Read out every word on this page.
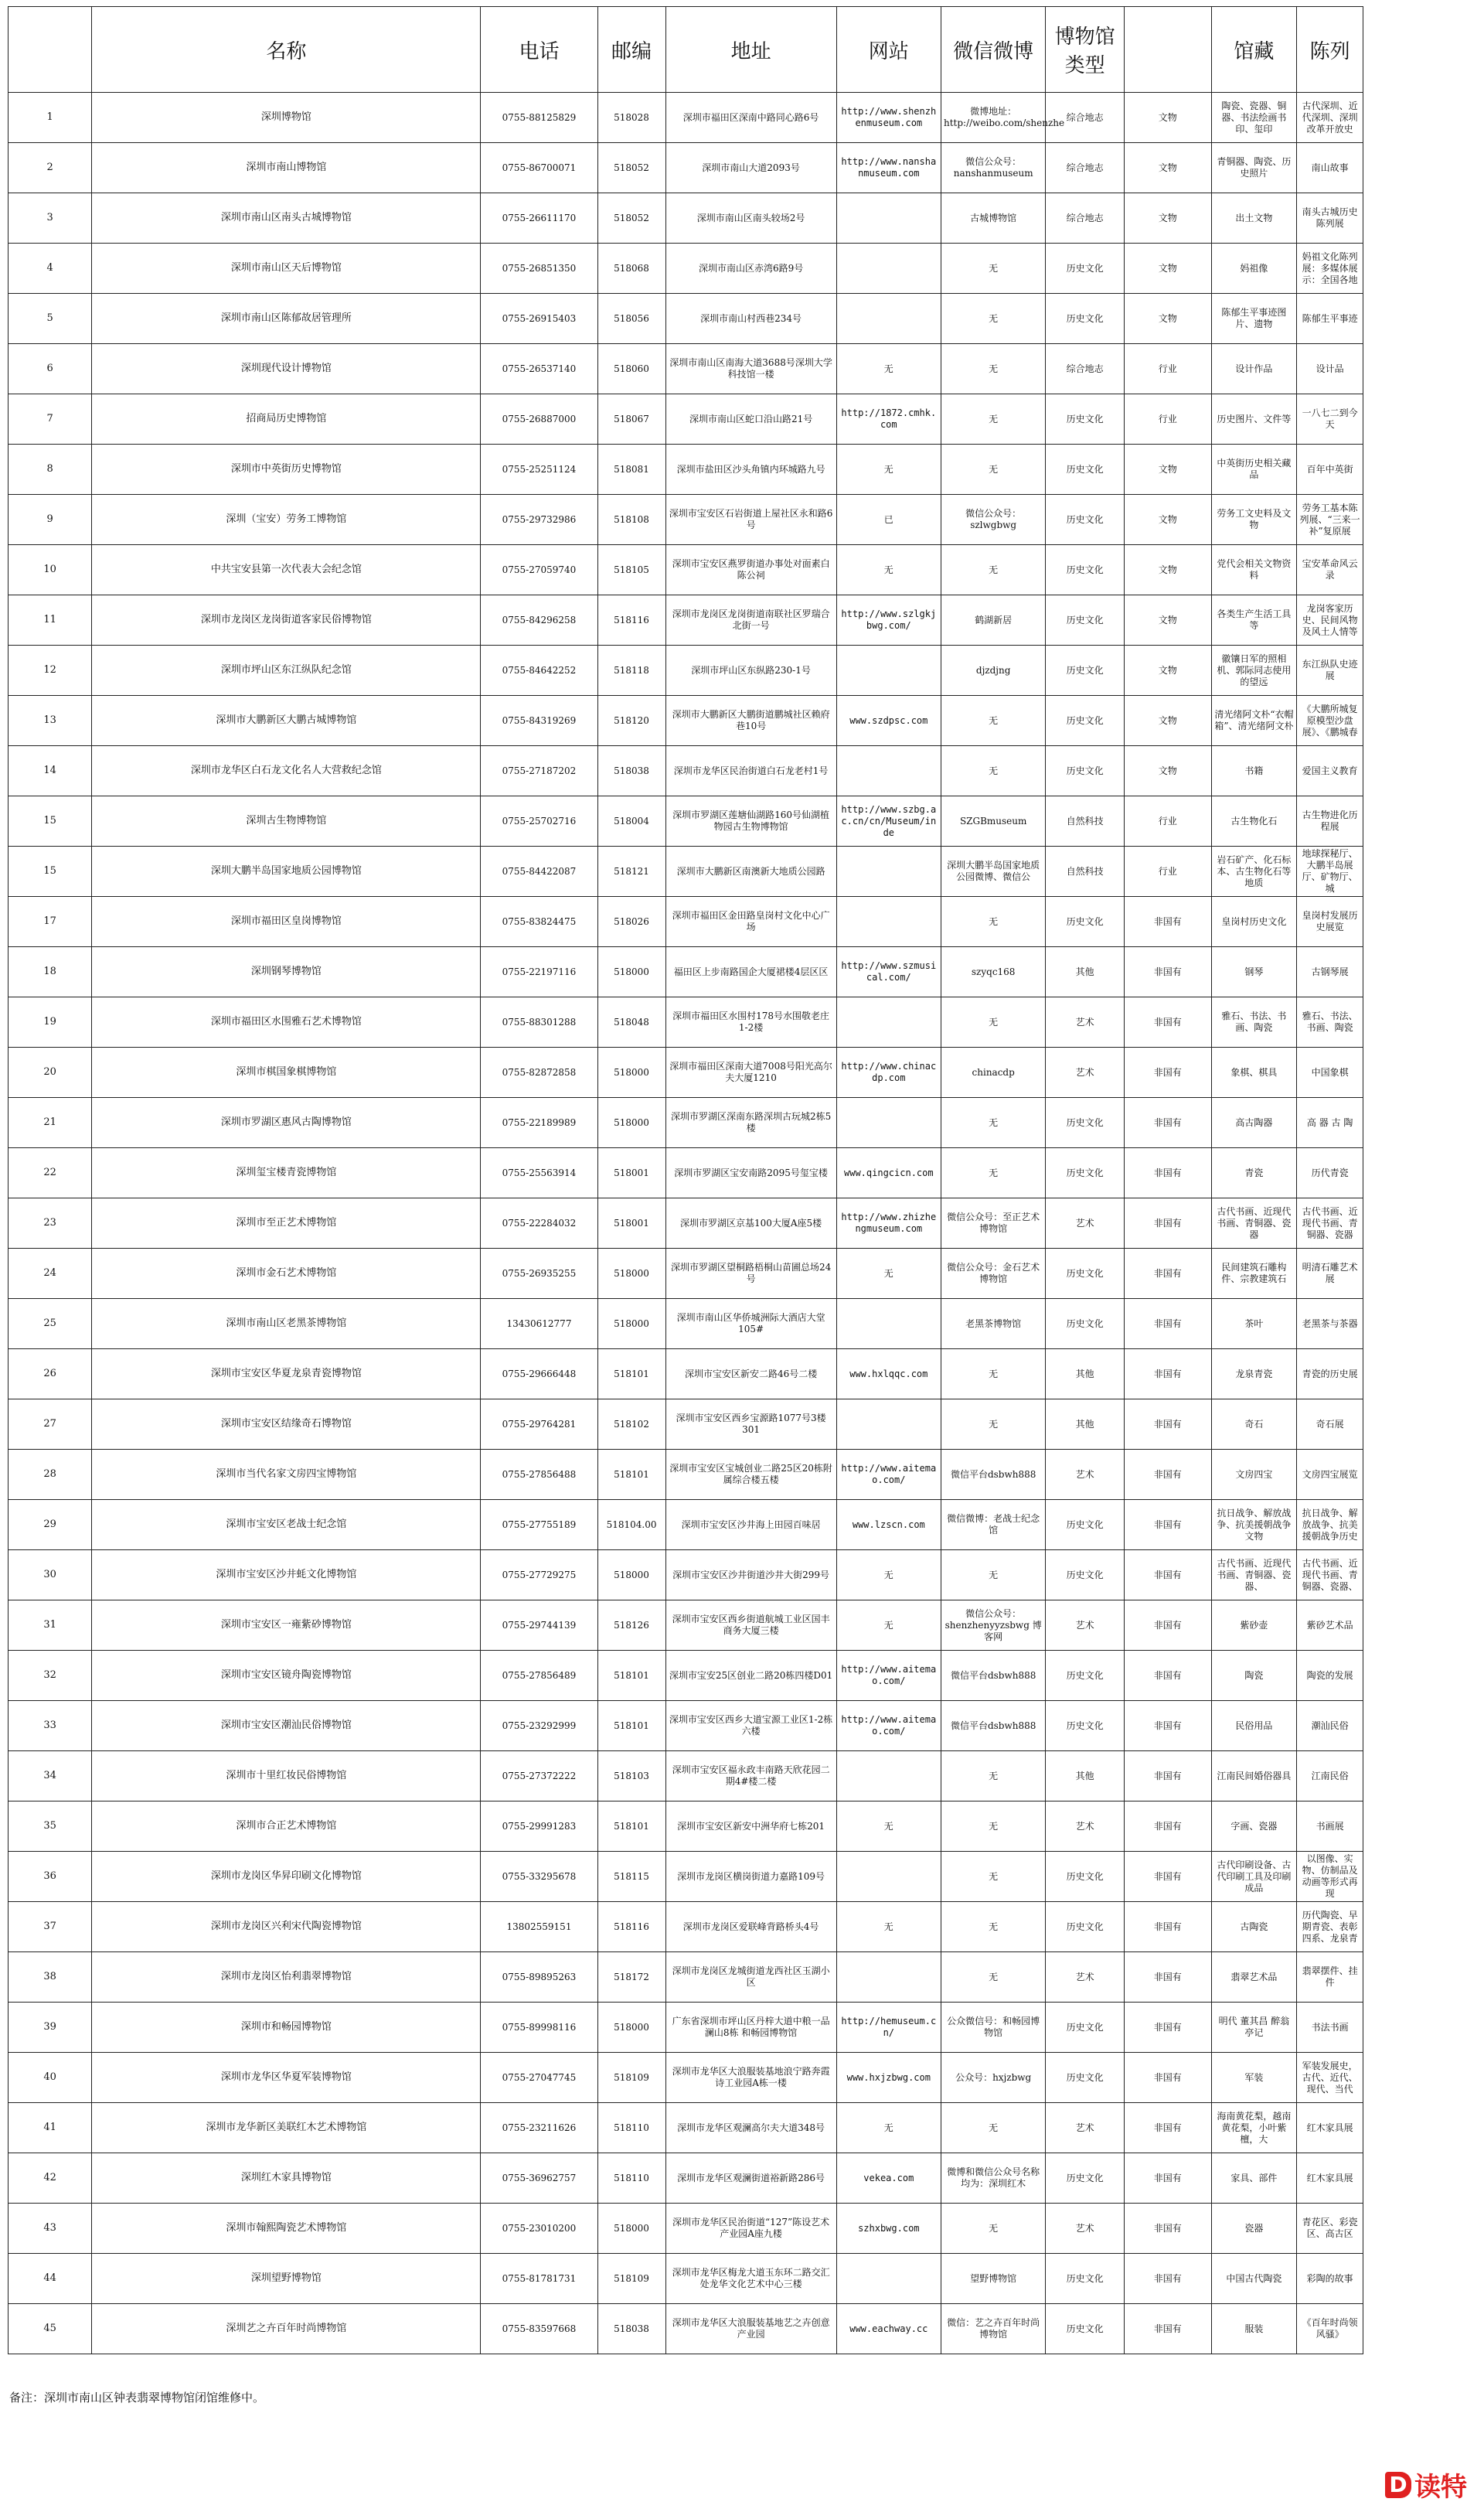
	名称	电话	邮编	地址	网站	微信微博	博物馆类型		馆藏	陈列

1	深圳博物馆	0755-88125829	518028	深圳市福田区深南中路同心路6号	http://www.shenzhenmuseum.com	微博地址：http://weibo.com/shenzhe	综合地志	文物	陶瓷、瓷器、铜器、书法绘画书印、玺印	古代深圳、近代深圳、深圳改革开放史

2	深圳市南山博物馆	0755-86700071	518052	深圳市南山大道2093号	http://www.nanshanmuseum.com	微信公众号：nanshanmuseum	综合地志	文物	青铜器、陶瓷、历史照片	南山故事

3	深圳市南山区南头古城博物馆	0755-26611170	518052	深圳市南山区南头较场2号		古城博物馆	综合地志	文物	出土文物	南头古城历史陈列展

4	深圳市南山区天后博物馆	0755-26851350	518068	深圳市南山区赤湾6路9号		无	历史文化	文物	妈祖像	妈祖文化陈列展：多媒体展示：全国各地

5	深圳市南山区陈郁故居管理所	0755-26915403	518056	深圳市南山村西巷234号		无	历史文化	文物	陈郁生平事迹图片、遗物	陈郁生平事迹

6	深圳现代设计博物馆	0755-26537140	518060	深圳市南山区南海大道3688号深圳大学科技馆一楼	无	无	综合地志	行业	设计作品	设计品

7	招商局历史博物馆	0755-26887000	518067	深圳市南山区蛇口沿山路21号	http://1872.cmhk.com	无	历史文化	行业	历史图片、文件等	一八七二到今天

8	深圳市中英街历史博物馆	0755-25251124	518081	深圳市盐田区沙头角镇内环城路九号	无	无	历史文化	文物	中英街历史相关藏品	百年中英街

9	深圳（宝安）劳务工博物馆	0755-29732986	518108	深圳市宝安区石岩街道上屋社区永和路6号	已	微信公众号：szlwgbwg	历史文化	文物	劳务工文史料及文物	劳务工基本陈列展、“三来一补”复原展

10	中共宝安县第一次代表大会纪念馆	0755-27059740	518105	深圳市宝安区燕罗街道办事处对面素白陈公祠	无	无	历史文化	文物	党代会相关文物资料	宝安革命风云录

11	深圳市龙岗区龙岗街道客家民俗博物馆	0755-84296258	518116	深圳市龙岗区龙岗街道南联社区罗瑞合北街一号	http://www.szlgkjbwg.com/	鹤湖新居	历史文化	文物	各类生产生活工具等	龙岗客家历史、民间风物及风土人情等

12	深圳市坪山区东江纵队纪念馆	0755-84642252	518118	深圳市坪山区东纵路230-1号		djzdjng	历史文化	文物	徽镶日军的照相机、郭际同志使用的望远	东江纵队史迹展

13	深圳市大鹏新区大鹏古城博物馆	0755-84319269	518120	深圳市大鹏新区大鹏街道鹏城社区赖府巷10号	www.szdpsc.com	无	历史文化	文物	清光绪阿文朴“衣帽箱”、清光绪阿文朴	《大鹏所城复原模型沙盘展》、《鹏城春

14	深圳市龙华区白石龙文化名人大营救纪念馆	0755-27187202	518038	深圳市龙华区民治街道白石龙老村1号		无	历史文化	文物	书籍	爱国主义教育

15	深圳古生物博物馆	0755-25702716	518004	深圳市罗湖区莲塘仙湖路160号仙湖植物园古生物博物馆	http://www.szbg.ac.cn/cn/Museum/inde	SZGBmuseum	自然科技	行业	古生物化石	古生物进化历程展

15	深圳大鹏半岛国家地质公园博物馆	0755-84422087	518121	深圳市大鹏新区南澳新大地质公园路		深圳大鹏半岛国家地质公园微博、微信公	自然科技	行业	岩石矿产、化石标本、古生物化石等地质	地球探秘厅、大鹏半岛展厅、矿物厅、城

17	深圳市福田区皇岗博物馆	0755-83824475	518026	深圳市福田区金田路皇岗村文化中心广场		无	历史文化	非国有	皇岗村历史文化	皇岗村发展历史展览

18	深圳钢琴博物馆	0755-22197116	518000	福田区上步南路国企大厦裙楼4层区区	http://www.szmusical.com/	szyqc168	其他	非国有	钢琴	古钢琴展

19	深圳市福田区水围雅石艺术博物馆	0755-88301288	518048	深圳市福田区水围村178号水围敬老庄1-2楼		无	艺术	非国有	雅石、书法、书画、陶瓷	雅石、书法、书画、陶瓷

20	深圳市棋国象棋博物馆	0755-82872858	518000	深圳市福田区深南大道7008号阳光高尔夫大厦1210	http://www.chinacdp.com	chinacdp	艺术	非国有	象棋、棋具	中国象棋

21	深圳市罗湖区惠风古陶博物馆	0755-22189989	518000	深圳市罗湖区深南东路深圳古玩城2栋5楼		无	历史文化	非国有	高古陶器	高 器 古 陶

22	深圳玺宝楼青瓷博物馆	0755-25563914	518001	深圳市罗湖区宝安南路2095号玺宝楼	www.qingcicn.com	无	历史文化	非国有	青瓷	历代青瓷

23	深圳市至正艺术博物馆	0755-22284032	518001	深圳市罗湖区京基100大厦A座5楼	http://www.zhizhengmuseum.com	微信公众号：至正艺术博物馆	艺术	非国有	古代书画、近现代书画、青铜器、瓷器	古代书画、近现代书画、青铜器、瓷器

24	深圳市金石艺术博物馆	0755-26935255	518000	深圳市罗湖区望桐路梧桐山苗圃总场24号	无	微信公众号：金石艺术博物馆	历史文化	非国有	民间建筑石雕构件、宗教建筑石	明清石雕艺术展

25	深圳市南山区老黑茶博物馆	13430612777	518000	深圳市南山区华侨城洲际大酒店大堂105#		老黑茶博物馆	历史文化	非国有	茶叶	老黑茶与茶器

26	深圳市宝安区华夏龙泉青瓷博物馆	0755-29666448	518101	深圳市宝安区新安二路46号二楼	www.hxlqqc.com	无	其他	非国有	龙泉青瓷	青瓷的历史展

27	深圳市宝安区结缘奇石博物馆	0755-29764281	518102	深圳市宝安区西乡宝源路1077号3楼301		无	其他	非国有	奇石	奇石展

28	深圳市当代名家文房四宝博物馆	0755-27856488	518101	深圳市宝安区宝城创业二路25区20栋附属综合楼五楼	http://www.aitemao.com/	微信平台dsbwh888	艺术	非国有	文房四宝	文房四宝展览

29	深圳市宝安区老战士纪念馆	0755-27755189	518104.00	深圳市宝安区沙井海上田园百味居	www.lzscn.com	微信微博：老战士纪念馆	历史文化	非国有	抗日战争、解放战争、抗美援朝战争文物	抗日战争、解放战争、抗美援朝战争历史

30	深圳市宝安区沙井蚝文化博物馆	0755-27729275	518000	深圳市宝安区沙井街道沙井大街299号	无	无	历史文化	非国有	古代书画、近现代书画、青铜器、瓷器、	古代书画、近现代书画、青铜器、瓷器、

31	深圳市宝安区一雍紫砂博物馆	0755-29744139	518126	深圳市宝安区西乡街道航城工业区国丰商务大厦三楼	无	微信公众号：shenzhenyyzsbwg 博客网	艺术	非国有	紫砂壶	紫砂艺术品

32	深圳市宝安区镜舟陶瓷博物馆	0755-27856489	518101	深圳市宝安25区创业二路20栋四楼D01	http://www.aitemao.com/	微信平台dsbwh888	历史文化	非国有	陶瓷	陶瓷的发展

33	深圳市宝安区潮汕民俗博物馆	0755-23292999	518101	深圳市宝安区西乡大道宝源工业区1-2栋六楼	http://www.aitemao.com/	微信平台dsbwh888	历史文化	非国有	民俗用品	潮汕民俗

34	深圳市十里红妆民俗博物馆	0755-27372222	518103	深圳市宝安区福永政丰南路天欣花园二期4#楼二楼		无	其他	非国有	江南民间婚俗器具	江南民俗

35	深圳市合正艺术博物馆	0755-29991283	518101	深圳市宝安区新安中洲华府七栋201	无	无	艺术	非国有	字画、瓷器	书画展

36	深圳市龙岗区华昇印刷文化博物馆	0755-33295678	518115	深圳市龙岗区横岗街道力嘉路109号		无	历史文化	非国有	古代印刷设备、古代印刷工具及印刷成品	以图像、实物、仿制品及动画等形式再现

37	深圳市龙岗区兴利宋代陶瓷博物馆	13802559151	518116	深圳市龙岗区爱联峰背路桥头4号	无	无	历史文化	非国有	古陶瓷	历代陶瓷、早期青瓷、表彰四系、龙泉青

38	深圳市龙岗区怡利翡翠博物馆	0755-89895263	518172	深圳市龙岗区龙城街道龙西社区玉湖小区		无	艺术	非国有	翡翠艺术品	翡翠摆件、挂件

39	深圳市和畅园博物馆	0755-89998116	518000	广东省深圳市坪山区丹梓大道中粮一品澜山8栋 和畅园博物馆	http://hemuseum.cn/	公众微信号：和畅园博物馆	历史文化	非国有	明代 董其昌 醉翁亭记	书法书画

40	深圳市龙华区华夏军装博物馆	0755-27047745	518109	深圳市龙华区大浪服装基地浪宁路奔霞诗工业园A栋一楼	www.hxjzbwg.com	公众号：hxjzbwg	历史文化	非国有	军装	军装发展史，古代、近代、现代、当代

41	深圳市龙华新区美联红木艺术博物馆	0755-23211626	518110	深圳市龙华区观澜高尔夫大道348号	无	无	艺术	非国有	海南黄花梨，越南黄花梨，小叶紫檀，大	红木家具展

42	深圳红木家具博物馆	0755-36962757	518110	深圳市龙华区观澜街道裕新路286号	vekea.com	微博和微信公众号名称均为：深圳红木	历史文化	非国有	家具、部件	红木家具展

43	深圳市翰熙陶瓷艺术博物馆	0755-23010200	518000	深圳市龙华区民治街道“127”陈设艺术产业园A座九楼	szhxbwg.com	无	艺术	非国有	瓷器	青花区、彩瓷区、高古区

44	深圳望野博物馆	0755-81781731	518109	深圳市龙华区梅龙大道玉东环二路交汇处龙华文化艺术中心三楼		望野博物馆	历史文化	非国有	中国古代陶瓷	彩陶的故事

45	深圳艺之卉百年时尚博物馆	0755-83597668	518038	深圳市龙华区大浪服装基地艺之卉创意产业园	www.eachway.cc	微信：艺之卉百年时尚博物馆	历史文化	非国有	服装	《百年时尚领风骚》
备注：深圳市南山区钟表翡翠博物馆闭馆维修中。
D 读特
